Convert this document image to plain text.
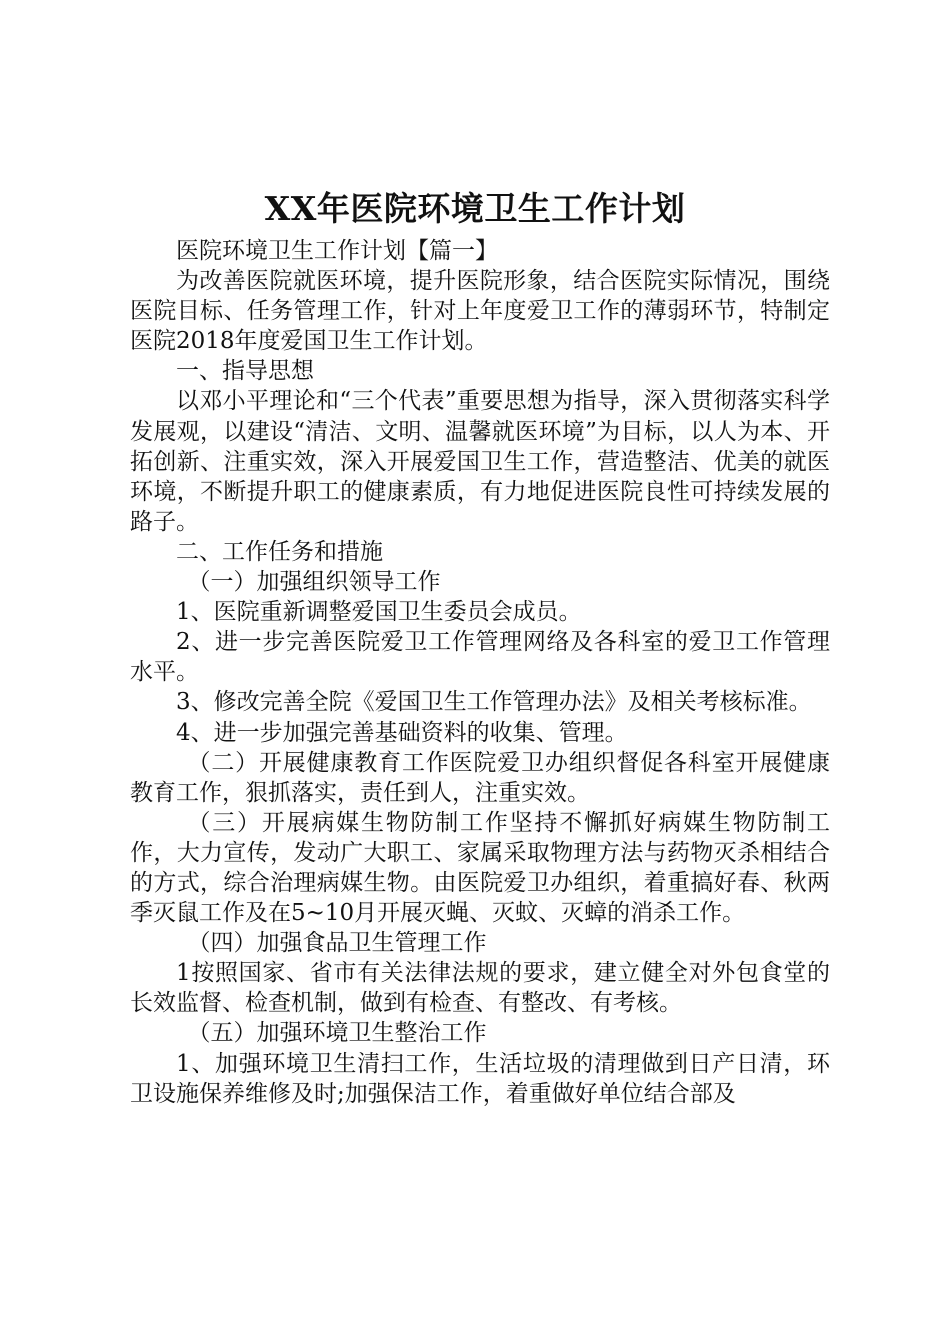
XX年医院环境卫生工作计划

医院环境卫生工作计划【篇一】

为改善医院就医环境，提升医院形象，结合医院实际情况，围绕医院目标、任务管理工作，针对上年度爱卫工作的薄弱环节，特制定医院2018年度爱国卫生工作计划。

一、指导思想

以邓小平理论和“三个代表”重要思想为指导，深入贯彻落实科学发展观，以建设“清洁、文明、温馨就医环境”为目标，以人为本、开拓创新、注重实效，深入开展爱国卫生工作，营造整洁、优美的就医环境，不断提升职工的健康素质，有力地促进医院良性可持续发展的路子。

二、工作任务和措施

（一）加强组织领导工作

1、医院重新调整爱国卫生委员会成员。

2、进一步完善医院爱卫工作管理网络及各科室的爱卫工作管理水平。

3、修改完善全院《爱国卫生工作管理办法》及相关考核标准。

4、进一步加强完善基础资料的收集、管理。

（二）开展健康教育工作医院爱卫办组织督促各科室开展健康教育工作，狠抓落实，责任到人，注重实效。

（三）开展病媒生物防制工作坚持不懈抓好病媒生物防制工作，大力宣传，发动广大职工、家属采取物理方法与药物灭杀相结合的方式，综合治理病媒生物。由医院爱卫办组织，着重搞好春、秋两季灭鼠工作及在5~10月开展灭蝇、灭蚊、灭蟑的消杀工作。

（四）加强食品卫生管理工作

1按照国家、省市有关法律法规的要求，建立健全对外包食堂的长效监督、检查机制，做到有检查、有整改、有考核。

（五）加强环境卫生整治工作

1、加强环境卫生清扫工作，生活垃圾的清理做到日产日清，环卫设施保养维修及时;加强保洁工作，着重做好单位结合部及
